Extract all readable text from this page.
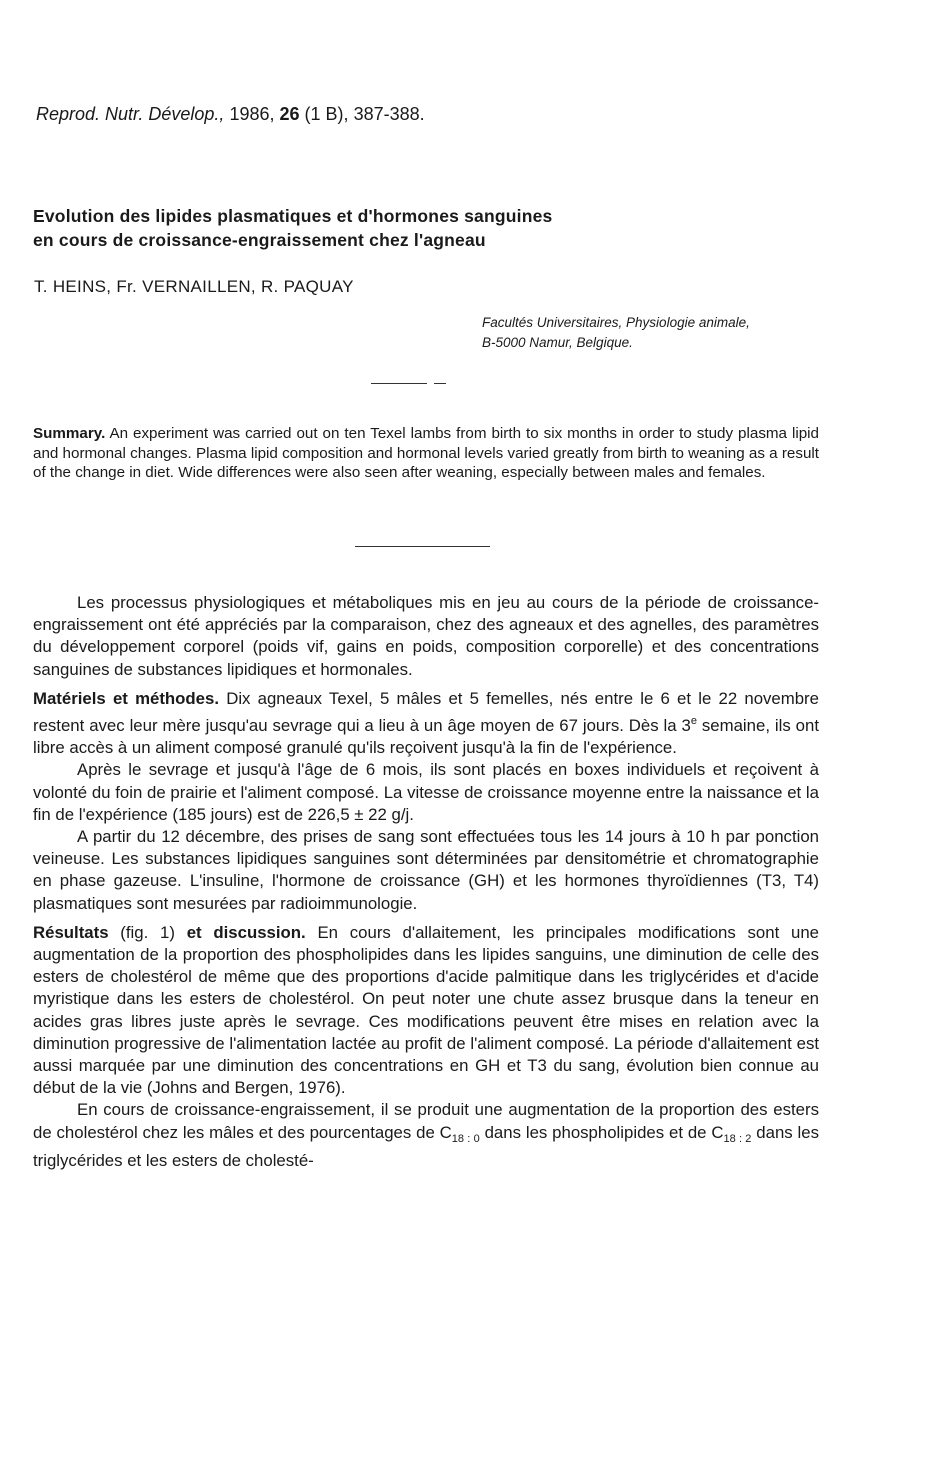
Reprod. Nutr. Dévelop., 1986, 26 (1 B), 387-388.
Evolution des lipides plasmatiques et d'hormones sanguines
en cours de croissance-engraissement chez l'agneau
T. HEINS, Fr. VERNAILLEN, R. PAQUAY
Facultés Universitaires, Physiologie animale,
B-5000 Namur, Belgique.
Summary. An experiment was carried out on ten Texel lambs from birth to six months in order to study plasma lipid and hormonal changes. Plasma lipid composition and hormonal levels varied greatly from birth to weaning as a result of the change in diet. Wide differences were also seen after weaning, especially between males and females.

Les processus physiologiques et métaboliques mis en jeu au cours de la période de croissance-engraissement ont été appréciés par la comparaison, chez des agneaux et des agnelles, des paramètres du développement corporel (poids vif, gains en poids, composition corporelle) et des concentrations sanguines de substances lipidiques et hormonales.

Matériels et méthodes. Dix agneaux Texel, 5 mâles et 5 femelles, nés entre le 6 et le 22 novembre restent avec leur mère jusqu'au sevrage qui a lieu à un âge moyen de 67 jours. Dès la 3e semaine, ils ont libre accès à un aliment composé granulé qu'ils reçoivent jusqu'à la fin de l'expérience.

Après le sevrage et jusqu'à l'âge de 6 mois, ils sont placés en boxes individuels et reçoivent à volonté du foin de prairie et l'aliment composé. La vitesse de croissance moyenne entre la naissance et la fin de l'expérience (185 jours) est de 226,5 ± 22 g/j.

A partir du 12 décembre, des prises de sang sont effectuées tous les 14 jours à 10 h par ponction veineuse. Les substances lipidiques sanguines sont déterminées par densitométrie et chromatographie en phase gazeuse. L'insuline, l'hormone de croissance (GH) et les hormones thyroïdiennes (T3, T4) plasmatiques sont mesurées par radioimmunologie.

Résultats (fig. 1) et discussion. En cours d'allaitement, les principales modifications sont une augmentation de la proportion des phospholipides dans les lipides sanguins, une diminution de celle des esters de cholestérol de même que des proportions d'acide palmitique dans les triglycérides et d'acide myristique dans les esters de cholestérol. On peut noter une chute assez brusque dans la teneur en acides gras libres juste après le sevrage. Ces modifications peuvent être mises en relation avec la diminution progressive de l'alimentation lactée au profit de l'aliment composé. La période d'allaitement est aussi marquée par une diminution des concentrations en GH et T3 du sang, évolution bien connue au début de la vie (Johns and Bergen, 1976).

En cours de croissance-engraissement, il se produit une augmentation de la proportion des esters de cholestérol chez les mâles et des pourcentages de $C_{18 : 0}$ dans les phospholipides et de $C_{18 : 2}$ dans les triglycérides et les esters de cholesté-
